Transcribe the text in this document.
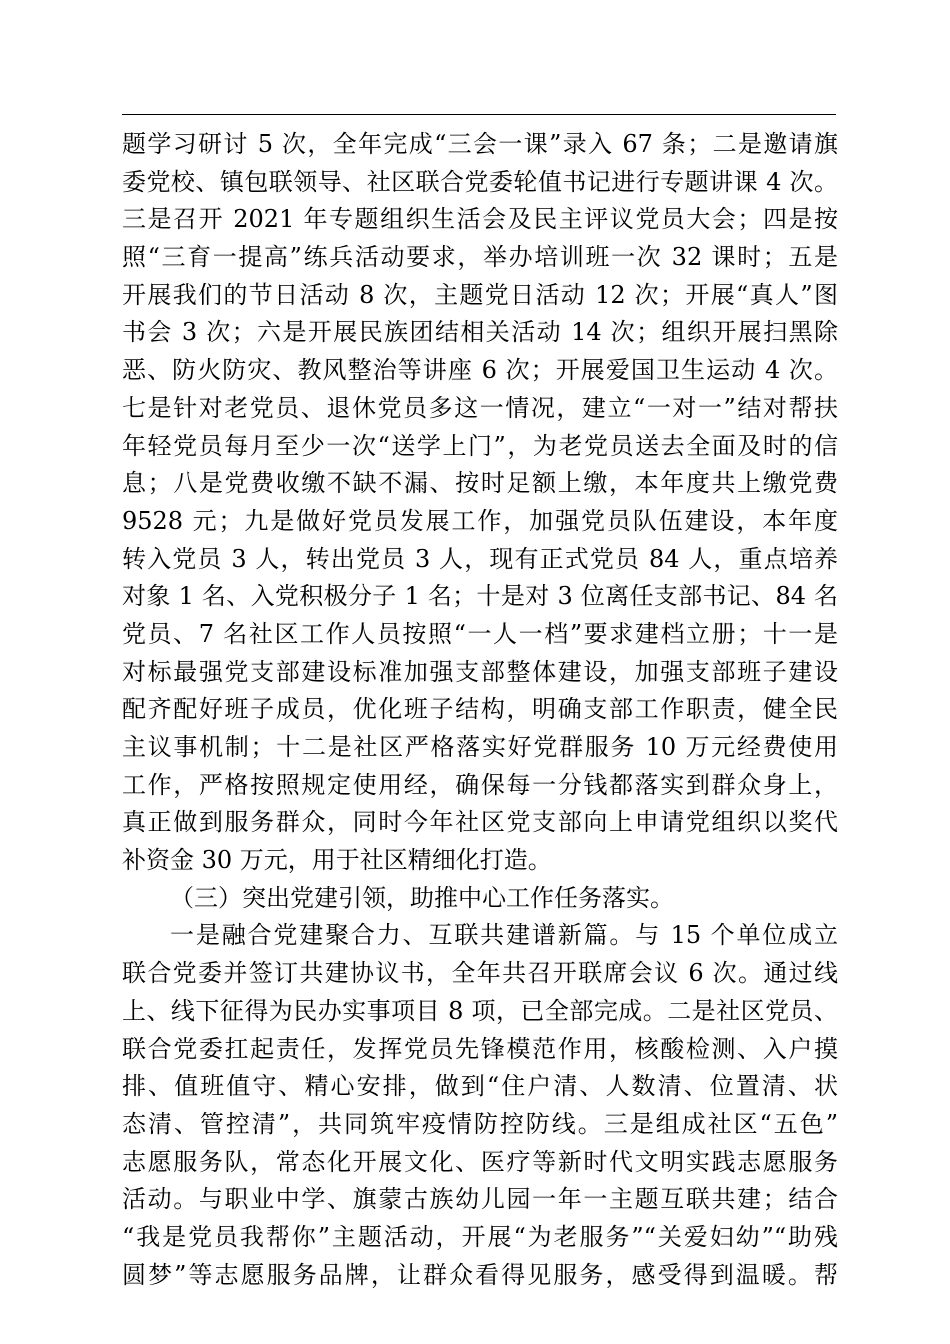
题学习研讨 5 次，全年完成“三会一课”录入 67 条；二是邀请旗
委党校、镇包联领导、社区联合党委轮值书记进行专题讲课 4 次。
三是召开 2021 年专题组织生活会及民主评议党员大会；四是按
照“三育一提高”练兵活动要求，举办培训班一次 32 课时；五是
开展我们的节日活动 8 次，主题党日活动 12 次；开展“真人”图
书会 3 次；六是开展民族团结相关活动 14 次；组织开展扫黑除
恶、防火防灾、教风整治等讲座 6 次；开展爱国卫生运动 4 次。
七是针对老党员、退休党员多这一情况，建立“一对一”结对帮扶
年轻党员每月至少一次“送学上门”，为老党员送去全面及时的信
息；八是党费收缴不缺不漏、按时足额上缴，本年度共上缴党费
9528 元；九是做好党员发展工作，加强党员队伍建设，本年度
转入党员 3 人，转出党员 3 人，现有正式党员 84 人，重点培养
对象 1 名、入党积极分子 1 名；十是对 3 位离任支部书记、84 名
党员、7 名社区工作人员按照“一人一档”要求建档立册；十一是
对标最强党支部建设标准加强支部整体建设，加强支部班子建设
配齐配好班子成员，优化班子结构，明确支部工作职责，健全民
主议事机制；十二是社区严格落实好党群服务 10 万元经费使用
工作，严格按照规定使用经，确保每一分钱都落实到群众身上，
真正做到服务群众，同时今年社区党支部向上申请党组织以奖代
补资金 30 万元，用于社区精细化打造。
（三）突出党建引领，助推中心工作任务落实。
一是融合党建聚合力、互联共建谱新篇。与 15 个单位成立
联合党委并签订共建协议书，全年共召开联席会议 6 次。通过线
上、线下征得为民办实事项目 8 项，已全部完成。二是社区党员、
联合党委扛起责任，发挥党员先锋模范作用，核酸检测、入户摸
排、值班值守、精心安排，做到“住户清、人数清、位置清、状
态清、管控清”，共同筑牢疫情防控防线。三是组成社区“五色”
志愿服务队，常态化开展文化、医疗等新时代文明实践志愿服务
活动。与职业中学、旗蒙古族幼儿园一年一主题互联共建；结合
“我是党员我帮你”主题活动，开展“为老服务”“关爱妇幼”“助残
圆梦”等志愿服务品牌，让群众看得见服务，感受得到温暖。帮
